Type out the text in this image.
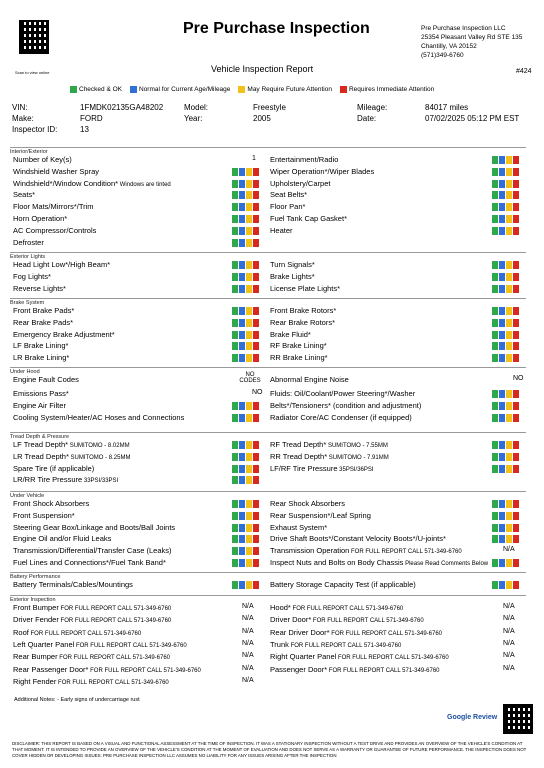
Scan to view online
Pre Purchase Inspection	Pre Purchase Inspection LLC
25354 Pleasant Valley Rd STE 135
Chantilly, VA 20152
(571)349-6760
Vehicle Inspection Report	#424
Checked & OK	Normal for Current Age/Mileage	May Require Future Attention	Requires Immediate Attention
VIN:	1FMDK02135GA48202	Model:	Freestyle	Mileage:	84017 miles
Make:	FORD	Year:	2005	Date:	07/02/2025 05:12 PM EST
Inspector ID:	13
Interior/Exterior
Exterior Lights
Brake System
Under Hood
Tread Depth & Pressure
Under Vehicle
Battery Performance
Exterior Inspection
Number of Key(s)	1 Entertainment/Radio
Windshield Washer Spray	Wiper Operation*/Wiper Blades
Windshield*/Window Condition* Windows are tinted	Upholstery/Carpet
Seats*	Seat Belts*
Floor Mats/Mirrors*/Trim	Floor Pan*
Horn Operation*	Fuel Tank Cap Gasket*
AC Compressor/Controls	Heater
Defroster
Head Light Low*/High Beam*	Turn Signals*
Fog Lights*	Brake Lights*
Reverse Lights*	License Plate Lights*
Front Brake Pads*	Front Brake Rotors*
Rear Brake Pads*	Rear Brake Rotors*
Emergency Brake Adjustment*	Brake Fluid*
LF Brake Lining*	RF Brake Lining*
LR Brake Lining*	RR Brake Lining*
Engine Fault Codes	NO CODES	Abnormal Engine Noise	NO
Emissions Pass*	NO Fluids: Oil/Coolant/Power Steering*/Washer
Engine Air Filter	Belts*/Tensioners* (condition and adjustment)
Cooling System/Heater/AC Hoses and Connections	Radiator Core/AC Condenser (if equipped)
LF Tread Depth* SUMITOMO - 8.02MM	RF Tread Depth* SUMITOMO - 7.55MM
LR Tread Depth* SUMITOMO - 8.25MM	RR Tread Depth* SUMITOMO - 7.91MM
Spare Tire (if applicable)	LF/RF Tire Pressure 35PSI/36PSI
LR/RR Tire Pressure 33PSI/33PSI
Front Shock Absorbers	Rear Shock Absorbers
Front Suspension*	Rear Suspension*/Leaf Spring
Steering Gear Box/Linkage and Boots/Ball Joints	Exhaust System*
Engine Oil and/or Fluid Leaks	Drive Shaft Boots*/Constant Velocity Boots*/U-joints*
Transmission/Differential/Transfer Case (Leaks)	Transmission Operation FOR FULL REPORT CALL 571-349-6760	N/A
Fuel Lines and Connections*/Fuel Tank Band*	Inspect Nuts and Bolts on Body Chassis Please Read Comments Below
Battery Terminals/Cables/Mountings	Battery Storage Capacity Test (if applicable)
Front Bumper FOR FULL REPORT CALL 571-349-6760	N/A Hood* FOR FULL REPORT CALL 571-349-6760	N/A
Driver Fender FOR FULL REPORT CALL 571-349-6760	N/A Driver Door* FOR FULL REPORT CALL 571-349-6760	N/A
Roof FOR FULL REPORT CALL 571-349-6760	N/A Rear Driver Door* FOR FULL REPORT CALL 571-349-6760	N/A
Left Quarter Panel FOR FULL REPORT CALL 571-349-6760	N/A Trunk FOR FULL REPORT CALL 571-349-6760	N/A
Rear Bumper FOR FULL REPORT CALL 571-349-6760	N/A Right Quarter Panel FOR FULL REPORT CALL 571-349-6760	N/A
Rear Passenger Door* FOR FULL REPORT CALL 571-349-6760	N/A Passenger Door* FOR FULL REPORT CALL 571-349-6760	N/A
Right Fender FOR FULL REPORT CALL 571-349-6760	N/A
Additional Notes: - Early signs of undercarriage rust
Google Review
DISCLAIMER: THIS REPORT IS BASED ON A VISUAL AND FUNCTIONAL ASSESSMENT AT THE TIME OF INSPECTION. IT WAS A STATIONARY INSPECTION WITHOUT A TEST DRIVE AND PROVIDES AN OVERVIEW OF THE VEHICLE'S CONDITION AT THAT MOMENT. IT IS INTENDED TO PROVIDE AN OVERVIEW OF THE VEHICLE'S CONDITION AT THE MOMENT OF EVALUATION AND DOES NOT SERVE AS A WARRANTY OR GUARANTEE OF FUTURE PERFORMANCE. THE INSPECTION DOES NOT COVER HIDDEN OR DEVELOPING ISSUES. PRE PURCHASE INSPECTION LLC ASSUMES NO LIABILITY FOR ANY ISSUES ARISING AFTER THE INSPECTION
